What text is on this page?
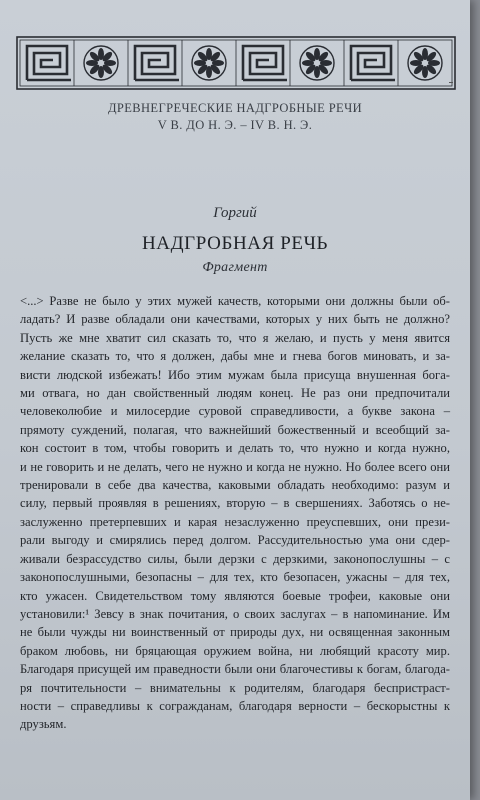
ДРЕВНЕГРЕЧЕСКИЕ НАДГРОБНЫЕ РЕЧИ
V В. ДО Н. Э. – IV В. Н. Э.
Горгий
НАДГРОБНАЯ РЕЧЬ
Фрагмент
<...> Разве не было у этих мужей качеств, которыми они должны были об-
ладать? И разве обладали они качествами, которых у них быть не должно?
Пусть же мне хватит сил сказать то, что я желаю, и пусть у меня явится
желание сказать то, что я должен, дабы мне и гнева богов миновать, и за-
висти людской избежать! Ибо этим мужам была присуща внушенная бога-
ми отвага, но дан свойственный людям конец. Не раз они предпочитали
человеколюбие и милосердие суровой справедливости, а букве закона –
прямоту суждений, полагая, что важнейший божественный и всеобщий за-
кон состоит в том, чтобы говорить и делать то, что нужно и когда нужно,
и не говорить и не делать, чего не нужно и когда не нужно. Но более всего они
тренировали в себе два качества, каковыми обладать необходимо: разум и
силу, первый проявляя в решениях, вторую – в свершениях. Заботясь о не-
заслуженно претерпевших и карая незаслуженно преуспевших, они прези-
рали выгоду и смирялись перед долгом. Рассудительностью ума они сдер-
живали безрассудство силы, были дерзки с дерзкими, законопослушны – с
законопослушными, безопасны – для тех, кто безопасен, ужасны – для тех,
кто ужасен. Свидетельством тому являются боевые трофеи, каковые они
установили:¹ Зевсу в знак почитания, о своих заслугах – в напоминание. Им
не были чужды ни воинственный от природы дух, ни освященная законным
браком любовь, ни бряцающая оружием война, ни любящий красоту мир.
Благодаря присущей им праведности были они благочестивы к богам, благода-
ря почтительности – внимательны к родителям, благодаря беспристраст-
ности – справедливы к согражданам, благодаря верности – бескорыстны к
друзьям.
